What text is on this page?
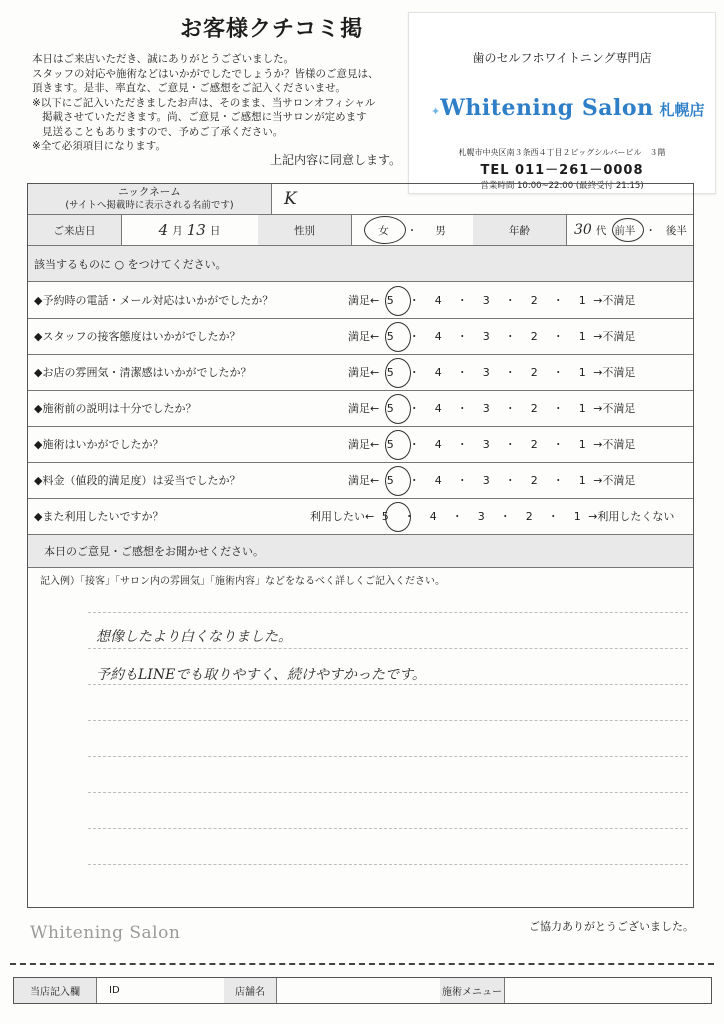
お客様クチコミ掲
本日はご来店いただき、誠にありがとうございました。
スタッフの対応や施術などはいかがでしたでしょうか？皆様のご意見は、
頂きます。是非、率直な、ご意見・ご感想をご記入くださいませ。
※以下にご記入いただきましたお声は、そのまま、当サロンオフィシャル
掲載させていただきます。尚、ご意見・ご感想に当サロンが定めます
見送ることもありますので、予めご了承ください。
※全て必須項目になります。
上記内容に同意します。
歯のセルフホワイトニング専門店
✦Whitening Salon 札幌店
札幌市中央区南３条西４丁目２ビッグシルバービル　３階
TEL 011－261－0008
営業時間 10:00~22:00 (最終受付 21:15)
ニックネーム
(サイトへ掲載時に表示される名前です)	K
ご来店日	4 月 13 日	性別	女 ・ 男	年齢	30 代 前半 ・ 後半
該当するものに ○ をつけてください。
◆予約時の電話・メール対応はいかがでしたか？	満足← 5	・	4	・	3	・	2	・	1 →不満足
◆スタッフの接客態度はいかがでしたか？	満足← 5	・	4	・	3	・	2	・	1 →不満足
◆お店の雰囲気・清潔感はいかがでしたか？	満足← 5	・	4	・	3	・	2	・	1 →不満足
◆施術前の説明は十分でしたか？	満足← 5	・	4	・	3	・	2	・	1 →不満足
◆施術はいかがでしたか？	満足← 5	・	4	・	3	・	2	・	1 →不満足
◆料金（値段的満足度）は妥当でしたか？	満足← 5	・	4	・	3	・	2	・	1 →不満足
◆また利用したいですか？	利用したい← 5	・	4	・	3	・	2	・	1 →利用したくない
本日のご意見・ご感想をお聞かせください。
記入例）「接客」「サロン内の雰囲気」「施術内容」などをなるべく詳しくご記入ください。
想像したより白くなりました。
予約もLINEでも取りやすく、続けやすかったです。
ご協力ありがとうございました。
Whitening Salon
当店記入欄	ID	店舗名	施術メニュー
